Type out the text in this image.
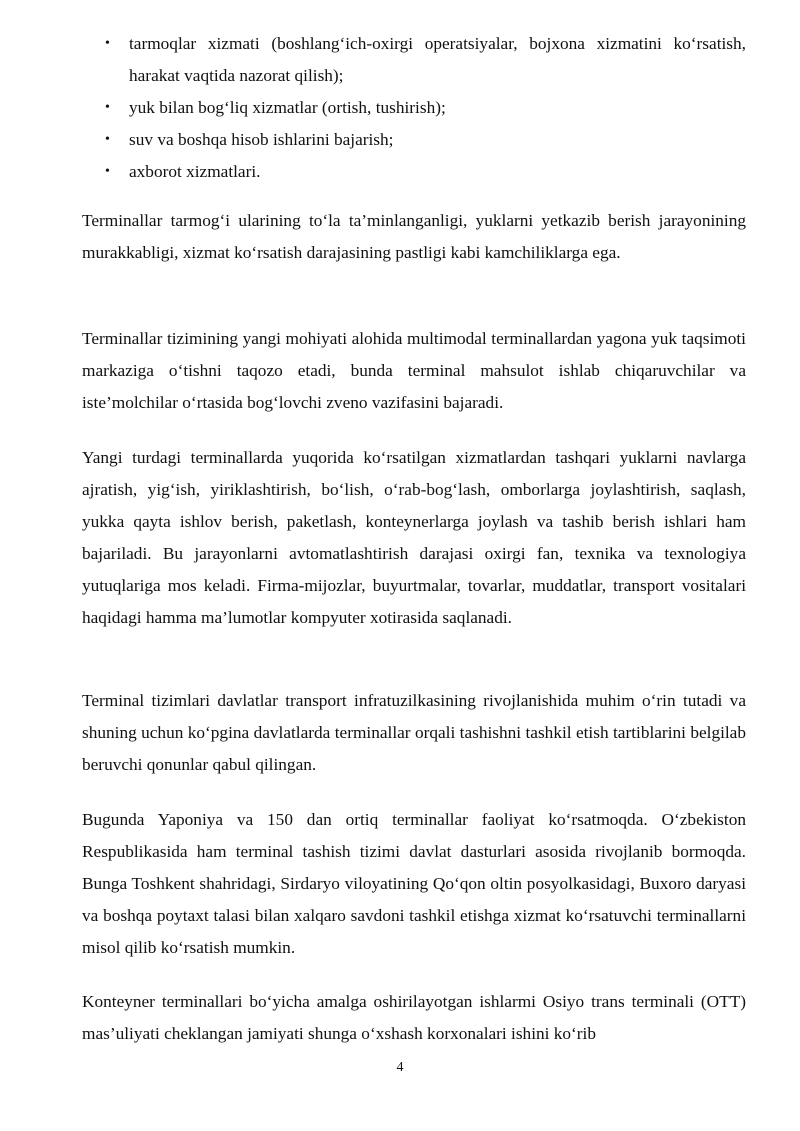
• tarmoqlar xizmati (boshlang‘ich-oxirgi operatsiyalar, bojxona xizmatini ko‘rsatish, harakat vaqtida nazorat qilish);
• yuk bilan bog‘liq xizmatlar (ortish, tushirish);
• suv va boshqa hisob ishlarini bajarish;
• axborot xizmatlari.

Terminallar tarmog‘i ularining to‘la ta’minlanganligi, yuklarni yetkazib berish jarayonining murakkabligi, xizmat ko‘rsatish darajasining pastligi kabi kamchiliklarga ega.

Terminallar tizimining yangi mohiyati alohida multimodal terminallardan yagona yuk taqsimoti markaziga o‘tishni taqozo etadi, bunda terminal mahsulot ishlab chiqaruvchilar va iste’molchilar o‘rtasida bog‘lovchi zveno vazifasini bajaradi.

Yangi turdagi terminallarda yuqorida ko‘rsatilgan xizmatlardan tashqari yuklarni navlarga ajratish, yig‘ish, yiriklashtirish, bo‘lish, o‘rab-bog‘lash, omborlarga joylashtirish, saqlash, yukka qayta ishlov berish, paketlash, konteynerlarga joylash va tashib berish ishlari ham bajariladi. Bu jarayonlarni avtomatlashtirish darajasi oxirgi fan, texnika va texnologiya yutuqlariga mos keladi. Firma-mijozlar, buyurtmalar, tovarlar, muddatlar, transport vositalari haqidagi hamma ma’lumotlar kompyuter xotirasida saqlanadi.

Terminal tizimlari davlatlar transport infratuzilkasining rivojlanishida muhim o‘rin tutadi va shuning uchun ko‘pgina davlatlarda terminallar orqali tashishni tashkil etish tartiblarini belgilab beruvchi qonunlar qabul qilingan.

Bugunda Yaponiya va 150 dan ortiq terminallar faoliyat ko‘rsatmoqda. O‘zbekiston Respublikasida ham terminal tashish tizimi davlat dasturlari asosida rivojlanib bormoqda. Bunga Toshkent shahridagi, Sirdaryo viloyatining Qo‘qon oltin posyolkasidagi, Buxoro daryasi va boshqa poytaxt talasi bilan xalqaro savdoni tashkil etishga xizmat ko‘rsatuvchi terminallarni misol qilib ko‘rsatish mumkin.

Konteyner terminallari bo‘yicha amalga oshirilayotgan ishlarmi Osiyo trans terminali (OTT) mas’uliyati cheklangan jamiyati shunga o‘xshash korxonalari ishini ko‘rib

4
